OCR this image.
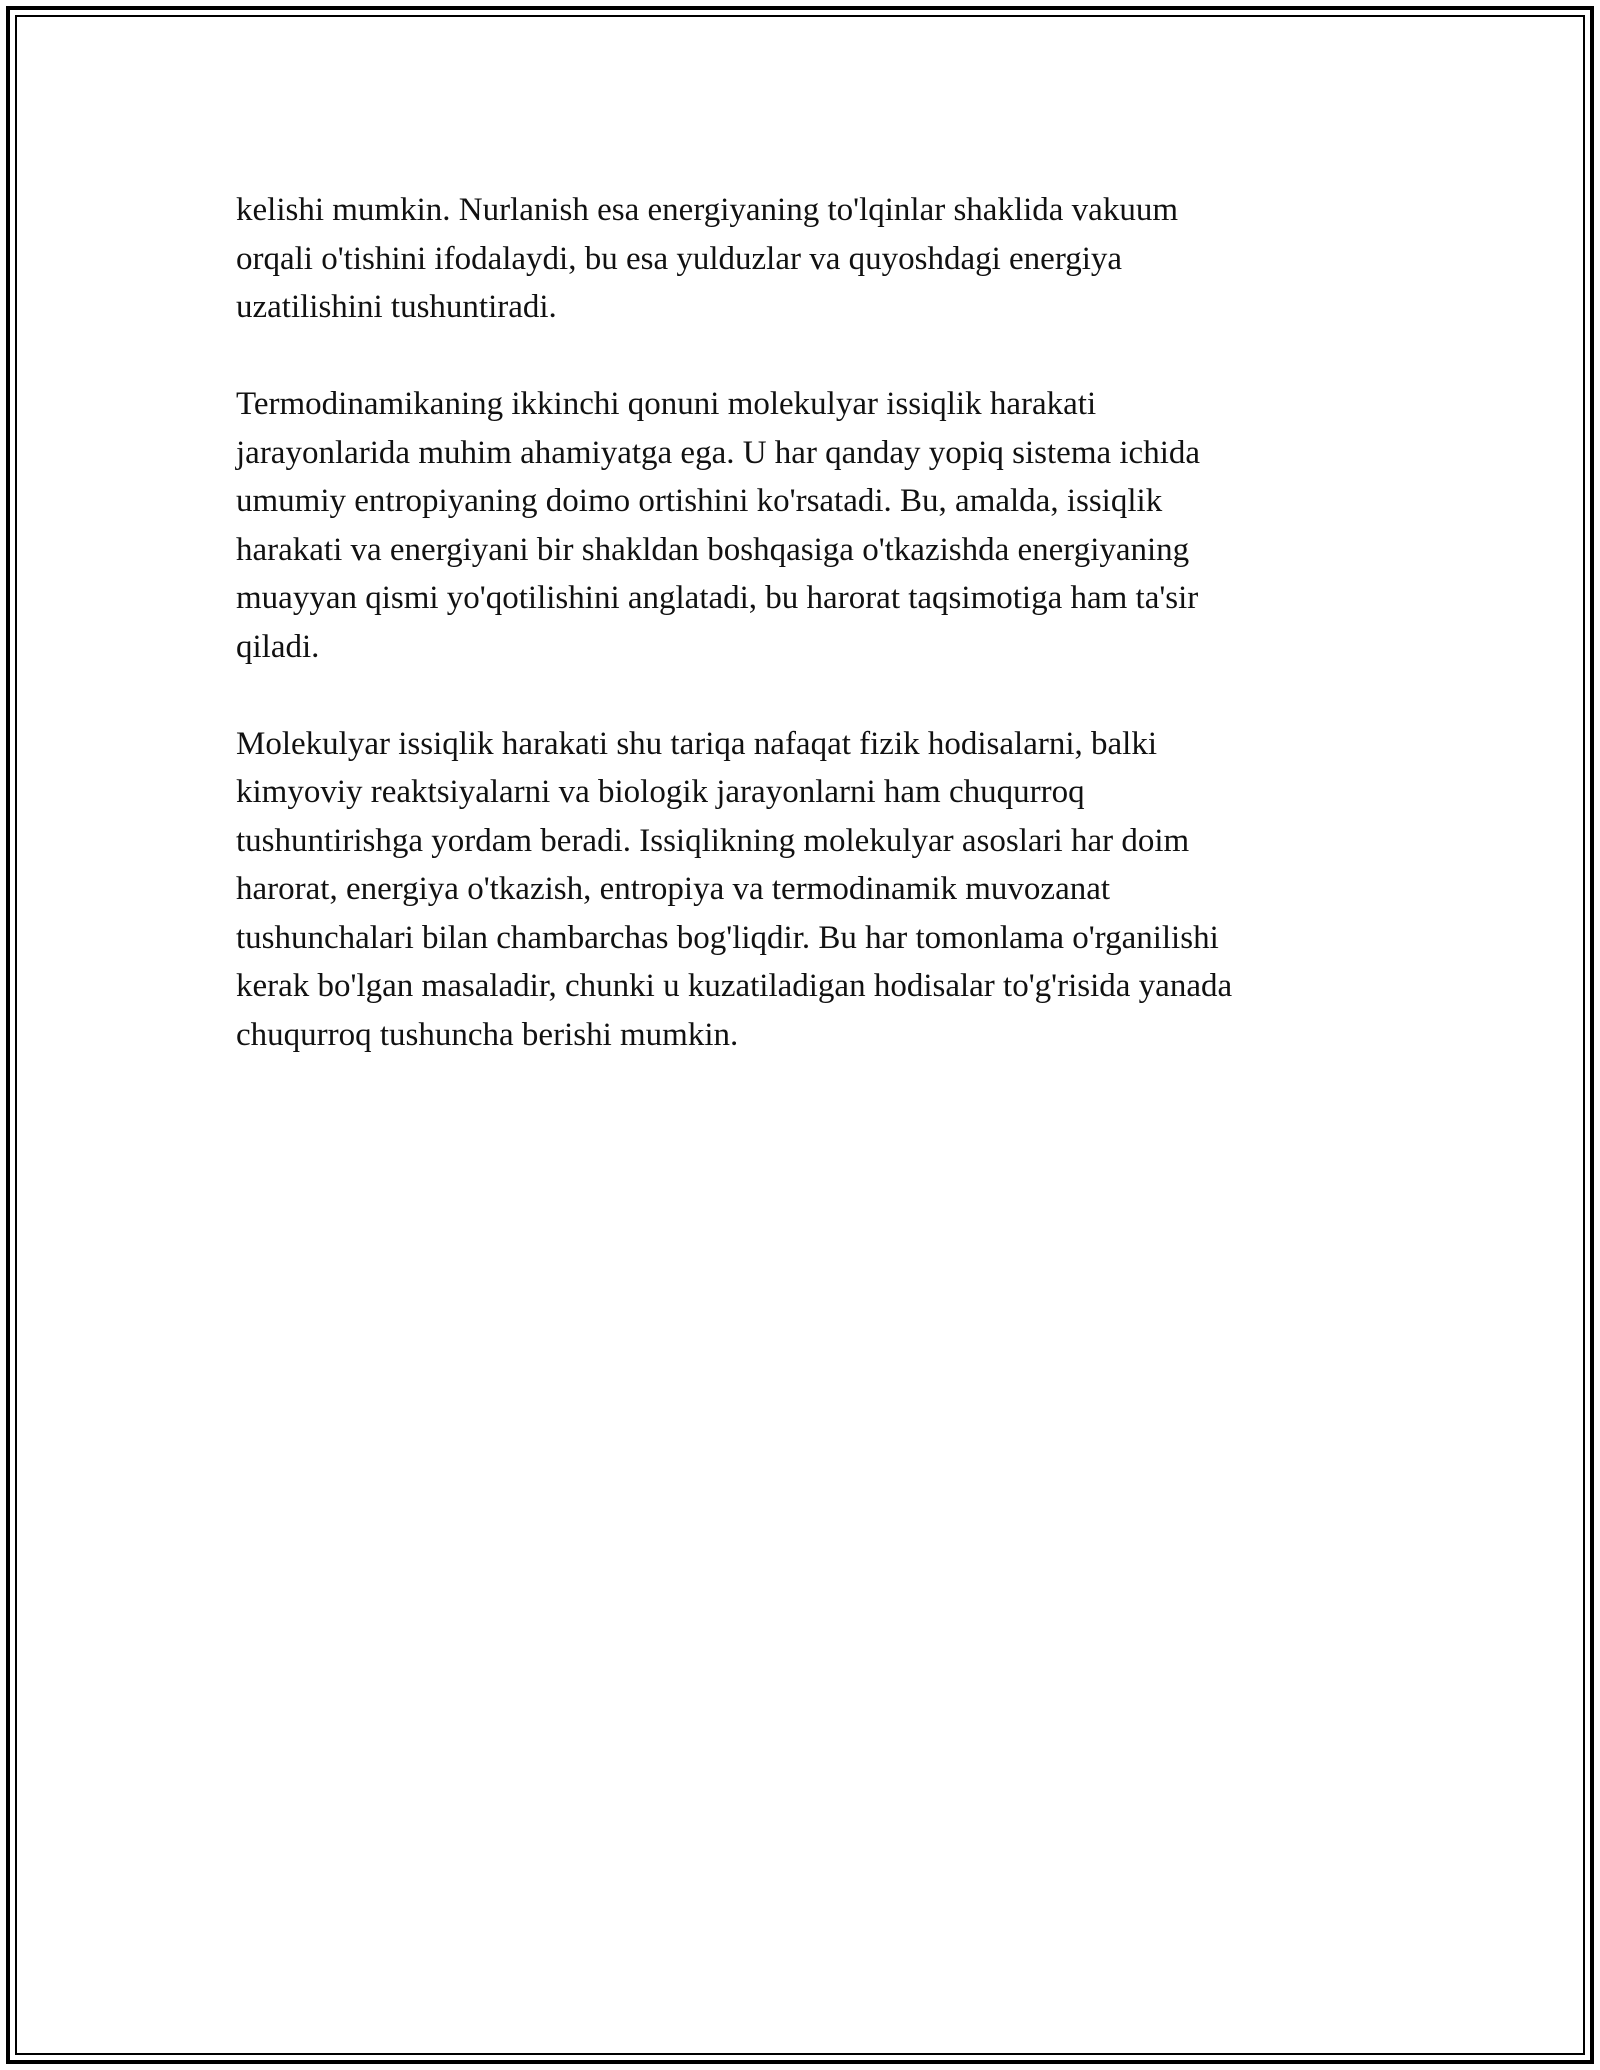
kelishi mumkin. Nurlanish esa energiyaning to'lqinlar shaklida vakuum
orqali o'tishini ifodalaydi, bu esa yulduzlar va quyoshdagi energiya
uzatilishini tushuntiradi.

Termodinamikaning ikkinchi qonuni molekulyar issiqlik harakati
jarayonlarida muhim ahamiyatga ega. U har qanday yopiq sistema ichida
umumiy entropiyaning doimo ortishini ko'rsatadi. Bu, amalda, issiqlik
harakati va energiyani bir shakldan boshqasiga o'tkazishda energiyaning
muayyan qismi yo'qotilishini anglatadi, bu harorat taqsimotiga ham ta'sir
qiladi.

Molekulyar issiqlik harakati shu tariqa nafaqat fizik hodisalarni, balki
kimyoviy reaktsiyalarni va biologik jarayonlarni ham chuqurroq
tushuntirishga yordam beradi. Issiqlikning molekulyar asoslari har doim
harorat, energiya o'tkazish, entropiya va termodinamik muvozanat
tushunchalari bilan chambarchas bog'liqdir. Bu har tomonlama o'rganilishi
kerak bo'lgan masaladir, chunki u kuzatiladigan hodisalar to'g'risida yanada
chuqurroq tushuncha berishi mumkin.
